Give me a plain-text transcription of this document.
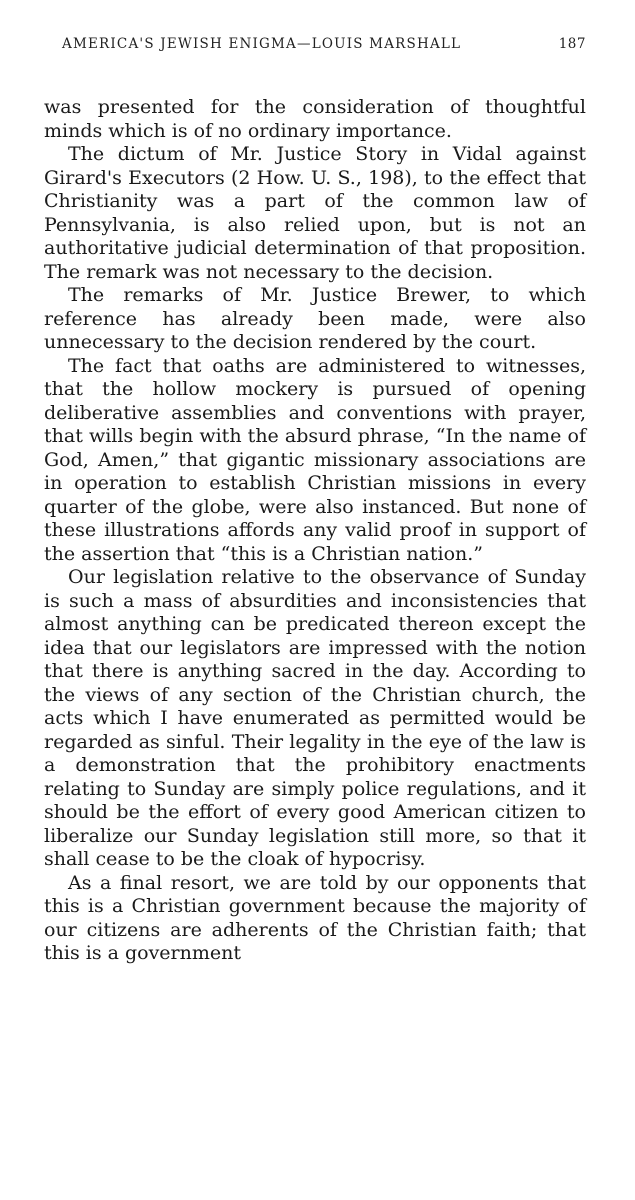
AMERICA'S JEWISH ENIGMA—LOUIS MARSHALL	187

was presented for the consideration of thoughtful minds which is of no ordinary importance.

The dictum of Mr. Justice Story in Vidal against Girard's Executors (2 How. U. S., 198), to the effect that Christianity was a part of the common law of Pennsylvania, is also relied upon, but is not an authoritative judicial determination of that proposition. The remark was not necessary to the decision.

The remarks of Mr. Justice Brewer, to which reference has already been made, were also unnecessary to the decision rendered by the court.

The fact that oaths are administered to witnesses, that the hollow mockery is pursued of opening deliberative assemblies and conventions with prayer, that wills begin with the absurd phrase, “In the name of God, Amen,” that gigantic missionary associations are in operation to establish Christian missions in every quarter of the globe, were also instanced. But none of these illustrations affords any valid proof in support of the assertion that “this is a Christian nation.”

Our legislation relative to the observance of Sunday is such a mass of absurdities and inconsistencies that almost anything can be predicated thereon except the idea that our legislators are impressed with the notion that there is anything sacred in the day. According to the views of any section of the Christian church, the acts which I have enumerated as permitted would be regarded as sinful. Their legality in the eye of the law is a demonstration that the prohibitory enactments relating to Sunday are simply police regulations, and it should be the effort of every good American citizen to liberalize our Sunday legislation still more, so that it shall cease to be the cloak of hypocrisy.

As a final resort, we are told by our opponents that this is a Christian government because the majority of our citizens are adherents of the Christian faith; that this is a government
